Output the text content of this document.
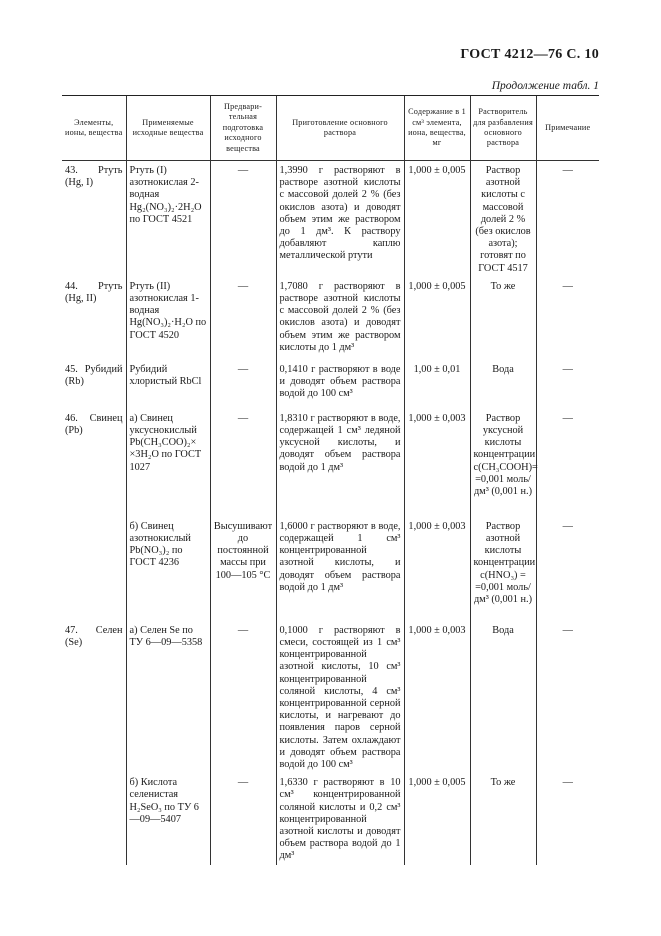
ГОСТ 4212—76 С. 10
Продолжение табл. 1
Элементы, ионы, вещества	Применяемые исходные вещества	Предвари-тельная подготовка исходного вещества	Приготовление основного раствора	Содержание в 1 см³ элемента, иона, вещества, мг	Растворитель для разбавления основного раствора	Примечание
43. Ртуть (Hg, I)	Ртуть (I) азотнокислая 2-водная Hg₂(NO₃)₂·2H₂O по ГОСТ 4521	—	1,3990 г растворяют в растворе азотной кислоты с массовой долей 2 % (без окислов азота) и доводят объем этим же раствором до 1 дм³. К раствору добавляют каплю металлической ртути	1,000 ± 0,005	Раствор азотной кислоты с массовой долей 2 % (без окислов азота); готовят по ГОСТ 4517	—
44. Ртуть (Hg, II)	Ртуть (II) азотнокислая 1-водная Hg(NO₃)₂·H₂O по ГОСТ 4520	—	1,7080 г растворяют в растворе азотной кислоты с массовой долей 2 % (без окислов азота) и доводят объем этим же раствором кислоты до 1 дм³	1,000 ± 0,005	То же	—
45. Рубидий (Rb)	Рубидий хлористый RbCl	—	0,1410 г растворяют в воде и доводят объем раствора водой до 100 см³	1,00 ± 0,01	Вода	—
46. Свинец (Pb)	а) Свинец уксуснокислый Pb(CH₃COO)₂× ×3H₂O по ГОСТ 1027	—	1,8310 г растворяют в воде, содержащей 1 см³ ледяной уксусной кислоты, и доводят объем раствора водой до 1 дм³	1,000 ± 0,003	Раствор уксусной кислоты концентрации c(CH₃COOH)= =0,001 моль/дм³ (0,001 н.)	—
	б) Свинец азотнокислый Pb(NO₃)₂ по ГОСТ 4236	Высушивают до постоянной массы при 100—105 °С	1,6000 г растворяют в воде, содержащей 1 см³ концентрированной азотной кислоты, и доводят объем раствора водой до 1 дм³	1,000 ± 0,003	Раствор азотной кислоты концентрации c(HNO₃) = =0,001 моль/дм³ (0,001 н.)	—
47. Селен (Se)	а) Селен Se по ТУ 6—09—5358	—	0,1000 г растворяют в смеси, состоящей из 1 см³ концентрированной азотной кислоты, 10 см³ концентрированной соляной кислоты, 4 см³ концентрированной серной кислоты, и нагревают до появления паров серной кислоты. Затем охлаждают и доводят объем раствора водой до 100 см³	1,000 ± 0,003	Вода	—
	б) Кислота селенистая H₂SeO₃ по ТУ 6—09—5407	—	1,6330 г растворяют в 10 см³ концентрированной соляной кислоты и 0,2 см³ концентрированной азотной кислоты и доводят объем раствора водой до 1 дм³	1,000 ± 0,005	То же	—
